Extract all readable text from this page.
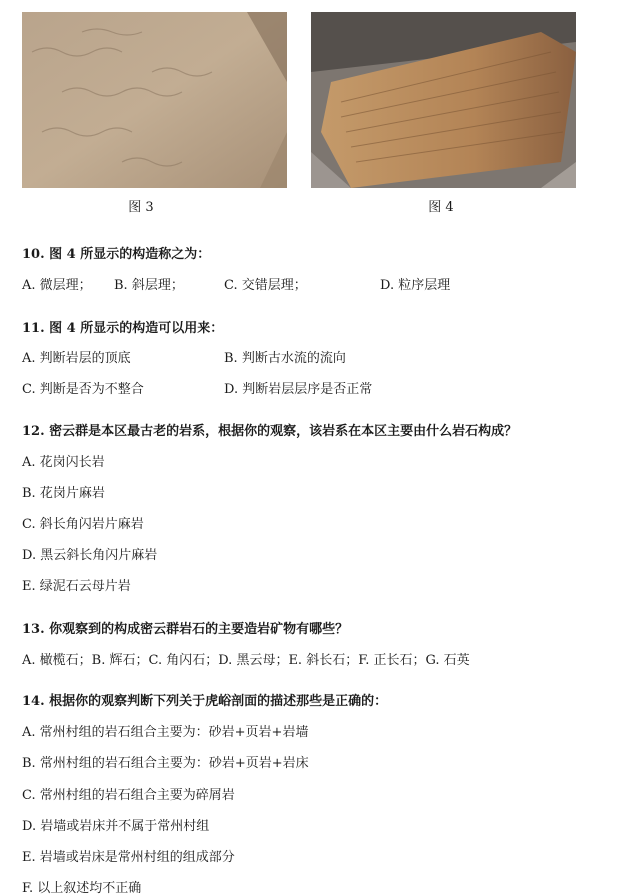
图 3	图 4
10. 图 4 所显示的构造称之为：
A. 微层理； B. 斜层理；	C. 交错层理；	D. 粒序层理
11. 图 4 所显示的构造可以用来：
A. 判断岩层的顶底	B. 判断古水流的流向
C. 判断是否为不整合	D. 判断岩层层序是否正常
12. 密云群是本区最古老的岩系，根据你的观察，该岩系在本区主要由什么岩石构成？
A. 花岗闪长岩
B. 花岗片麻岩
C. 斜长角闪岩片麻岩
D. 黑云斜长角闪片麻岩
E. 绿泥石云母片岩
13. 你观察到的构成密云群岩石的主要造岩矿物有哪些？
A. 橄榄石；B. 辉石；C. 角闪石；D. 黑云母；E. 斜长石；F. 正长石；G. 石英
14. 根据你的观察判断下列关于虎峪剖面的描述那些是正确的：
A. 常州村组的岩石组合主要为：砂岩+页岩+岩墙
B. 常州村组的岩石组合主要为：砂岩+页岩+岩床
C. 常州村组的岩石组合主要为碎屑岩
D. 岩墙或岩床并不属于常州村组
E. 岩墙或岩床是常州村组的组成部分
F. 以上叙述均不正确
